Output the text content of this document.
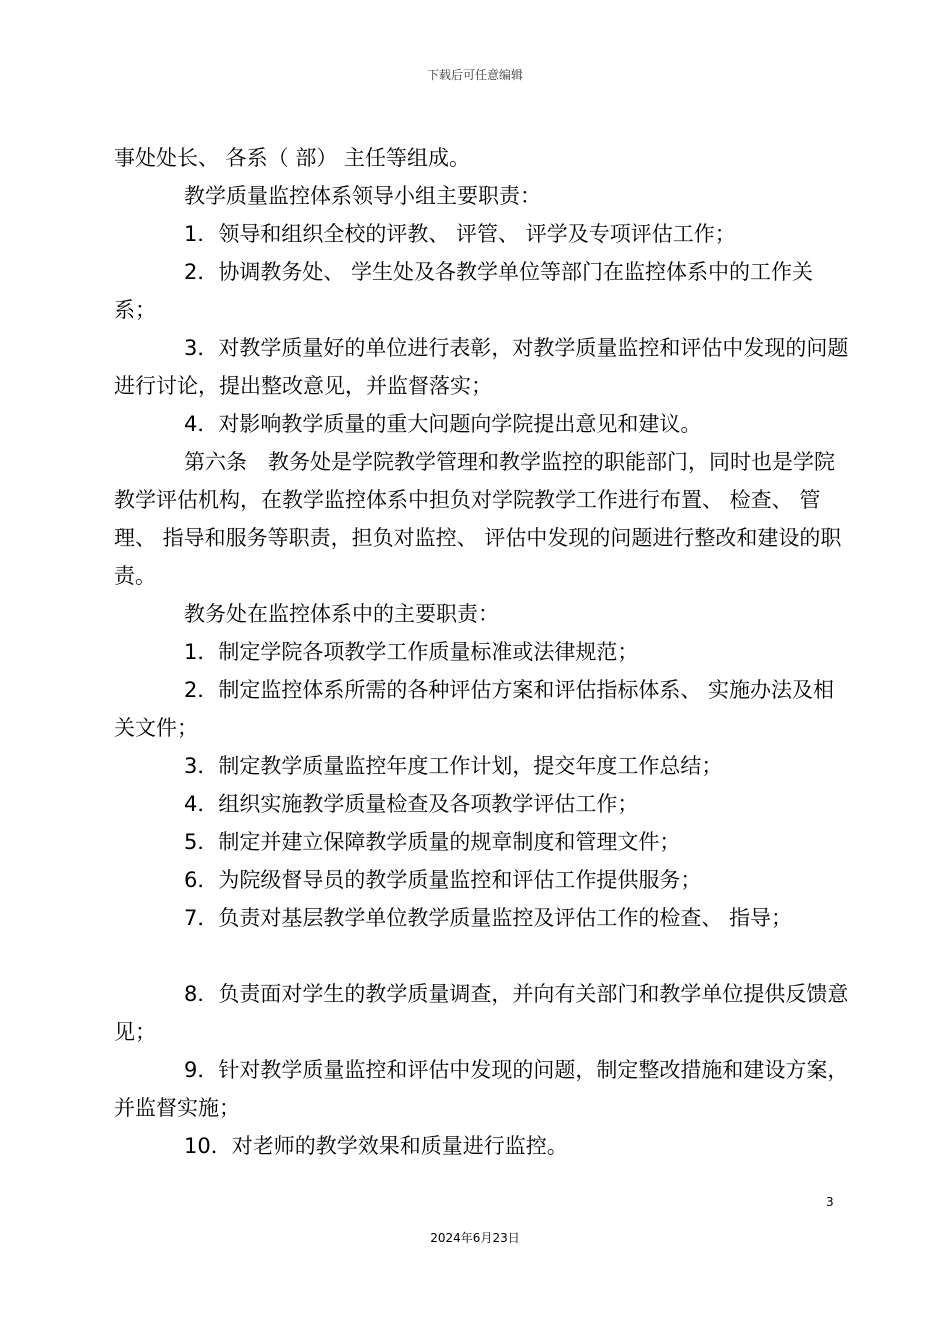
下载后可任意编辑

事处处长、 各系（ 部） 主任等组成。

教学质量监控体系领导小组主要职责：

1．领导和组织全校的评教、 评管、 评学及专项评估工作；

2．协调教务处、 学生处及各教学单位等部门在监控体系中的工作关系；

3．对教学质量好的单位进行表彰，对教学质量监控和评估中发现的问题进行讨论，提出整改意见，并监督落实；

4．对影响教学质量的重大问题向学院提出意见和建议。

第六条　教务处是学院教学管理和教学监控的职能部门，同时也是学院教学评估机构，在教学监控体系中担负对学院教学工作进行布置、 检查、 管理、 指导和服务等职责，担负对监控、 评估中发现的问题进行整改和建设的职责。

教务处在监控体系中的主要职责：

1．制定学院各项教学工作质量标准或法律规范；

2．制定监控体系所需的各种评估方案和评估指标体系、 实施办法及相关文件；

3．制定教学质量监控年度工作计划，提交年度工作总结；

4．组织实施教学质量检查及各项教学评估工作；

5．制定并建立保障教学质量的规章制度和管理文件；

6．为院级督导员的教学质量监控和评估工作提供服务；

7．负责对基层教学单位教学质量监控及评估工作的检查、 指导；

8．负责面对学生的教学质量调查，并向有关部门和教学单位提供反馈意见；

9．针对教学质量监控和评估中发现的问题，制定整改措施和建设方案，并监督实施；

10．对老师的教学效果和质量进行监控。

3
2024年6月23日
